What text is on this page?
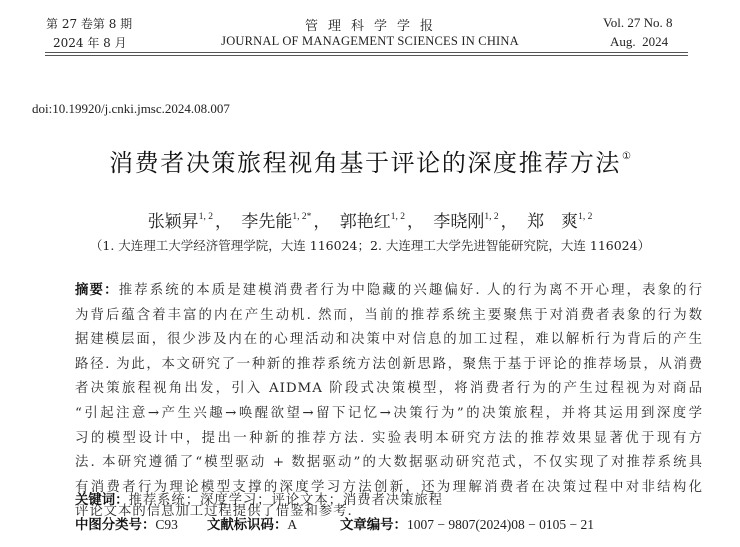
第 27 卷第 8 期
2024 年 8 月
管理科学学报
JOURNAL OF MANAGEMENT SCIENCES IN CHINA
Vol. 27 No. 8
Aug.  2024
doi:10.19920/j.cnki.jmsc.2024.08.007
消费者决策旅程视角基于评论的深度推荐方法①
张颖昇$^{1, 2}$ ， 李先能$^{1, 2*}$ ， 郭艳红$^{1, 2}$ ， 李晓刚$^{1, 2}$ ， 郑　爽$^{1, 2}$
（1. 大连理工大学经济管理学院，大连 116024；2. 大连理工大学先进智能研究院，大连 116024）
摘要：推荐系统的本质是建模消费者行为中隐藏的兴趣偏好. 人的行为离不开心理，表象的行
为背后蕴含着丰富的内在产生动机. 然而，当前的推荐系统主要聚焦于对消费者表象的行为数
据建模层面，很少涉及内在的心理活动和决策中对信息的加工过程，难以解析行为背后的产生
路径. 为此，本文研究了一种新的推荐系统方法创新思路，聚焦于基于评论的推荐场景，从消费
者决策旅程视角出发，引入 AIDMA 阶段式决策模型，将消费者行为的产生过程视为对商品
“引起注意→产生兴趣→唤醒欲望→留下记忆→决策行为”的决策旅程，并将其运用到深度学
习的模型设计中，提出一种新的推荐方法. 实验表明本研究方法的推荐效果显著优于现有方
法. 本研究遵循了“模型驱动 + 数据驱动”的大数据驱动研究范式，不仅实现了对推荐系统具
有消费者行为理论模型支撑的深度学习方法创新，还为理解消费者在决策过程中对非结构化
评论文本的信息加工过程提供了借鉴和参考.
关键词：推荐系统；深度学习；评论文本；消费者决策旅程
中图分类号：C93 文献标识码：A	文章编号：1007 − 9807(2024)08 − 0105 − 21
